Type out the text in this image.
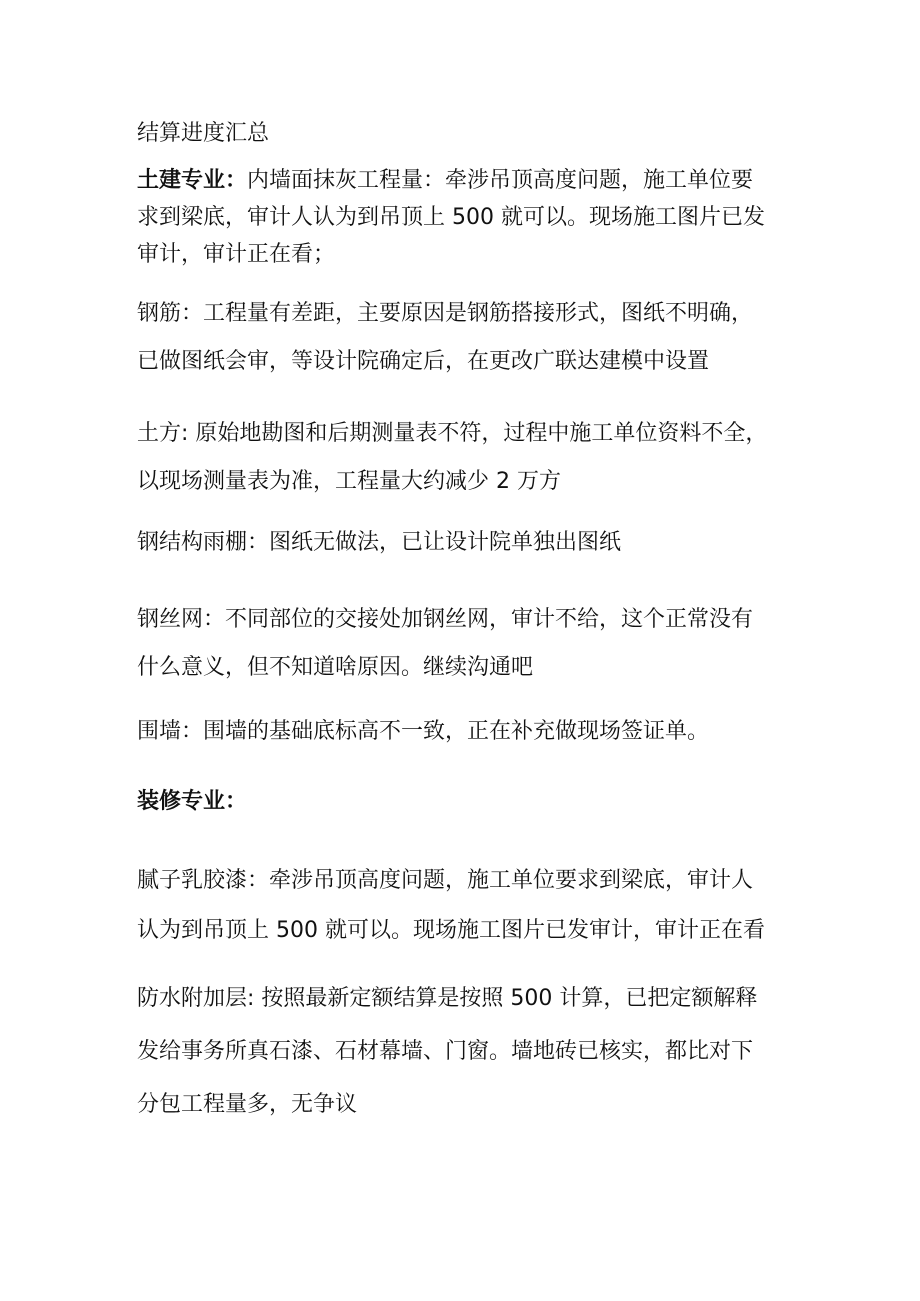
结算进度汇总

土建专业：内墙面抹灰工程量：牵涉吊顶高度问题，施工单位要
求到梁底，审计人认为到吊顶上 500 就可以。现场施工图片已发
审计，审计正在看；

钢筋：工程量有差距，主要原因是钢筋搭接形式，图纸不明确，
已做图纸会审，等设计院确定后，在更改广联达建模中设置

土方: 原始地勘图和后期测量表不符，过程中施工单位资料不全，
以现场测量表为准，工程量大约减少 2 万方

钢结构雨棚：图纸无做法，已让设计院单独出图纸

钢丝网：不同部位的交接处加钢丝网，审计不给，这个正常没有
什么意义，但不知道啥原因。继续沟通吧

围墙：围墙的基础底标高不一致，正在补充做现场签证单。

装修专业：

腻子乳胶漆：牵涉吊顶高度问题，施工单位要求到梁底，审计人
认为到吊顶上 500 就可以。现场施工图片已发审计，审计正在看

防水附加层: 按照最新定额结算是按照 500 计算，已把定额解释
发给事务所真石漆、石材幕墙、门窗。墙地砖已核实，都比对下
分包工程量多，无争议
